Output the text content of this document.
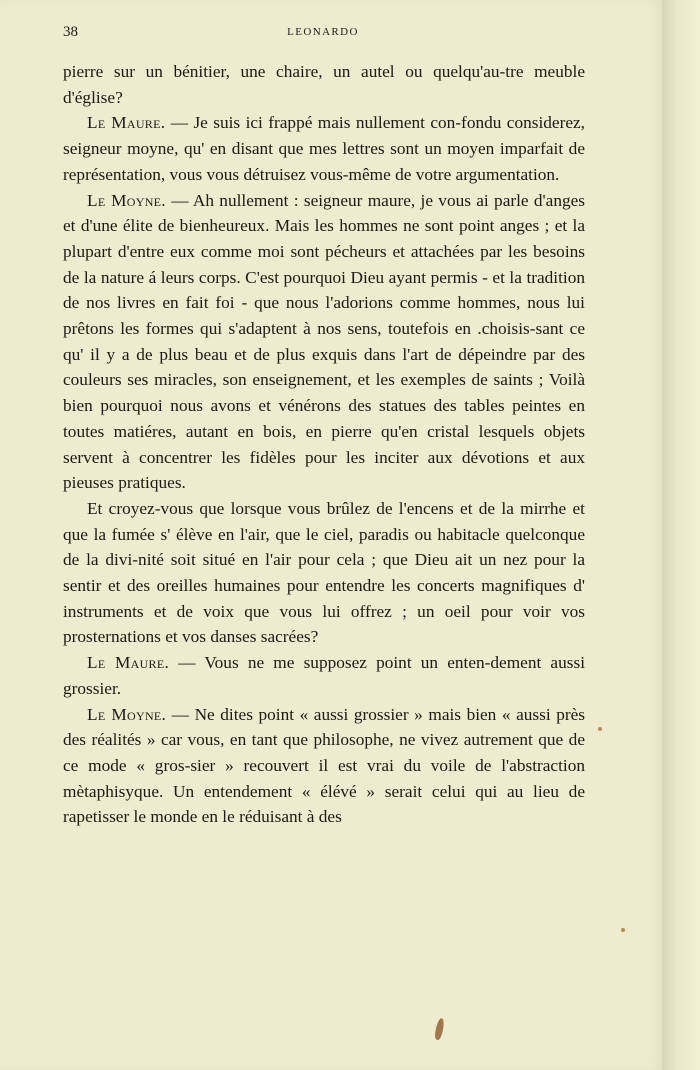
38	LEONARDO

pierre sur un bénitier, une chaire, un autel ou quelqu'au-tre meuble d'église?

Le Maure. — Je suis ici frappé mais nullement con-fondu considerez, seigneur moyne, qu' en disant que mes lettres sont un moyen imparfait de représentation, vous vous détruisez vous-même de votre argumentation.

Le Moyne. — Ah nullement : seigneur maure, je vous ai parle d'anges et d'une élite de bienheureux. Mais les hommes ne sont point anges ; et la plupart d'entre eux comme moi sont pécheurs et attachées par les besoins de la nature á leurs corps. C'est pourquoi Dieu ayant permis - et la tradition de nos livres en fait foi - que nous l'adorions comme hommes, nous lui prêtons les formes qui s'adaptent à nos sens, toutefois en .choisis-sant ce qu' il y a de plus beau et de plus exquis dans l'art de dépeindre par des couleurs ses miracles, son enseignement, et les exemples de saints ; Voilà bien pourquoi nous avons et vénérons des statues des tables peintes en toutes matiéres, autant en bois, en pierre qu'en cristal lesquels objets servent à concentrer les fidèles pour les inciter aux dévotions et aux pieuses pratiques.

Et croyez-vous que lorsque vous brûlez de l'encens et de la mirrhe et que la fumée s' élève en l'air, que le ciel, paradis ou habitacle quelconque de la divi-nité soit situé en l'air pour cela ; que Dieu ait un nez pour la sentir et des oreilles humaines pour entendre les concerts magnifiques d' instruments et de voix que vous lui offrez ; un oeil pour voir vos prosternations et vos danses sacrées?

Le Maure. — Vous ne me supposez point un enten-dement aussi grossier.

Le Moyne. — Ne dites point « aussi grossier » mais bien « aussi près des réalités » car vous, en tant que philosophe, ne vivez autrement que de ce mode « gros-sier » recouvert il est vrai du voile de l'abstraction mètaphisyque. Un entendement « élévé » serait celui qui au lieu de rapetisser le monde en le réduisant à des
